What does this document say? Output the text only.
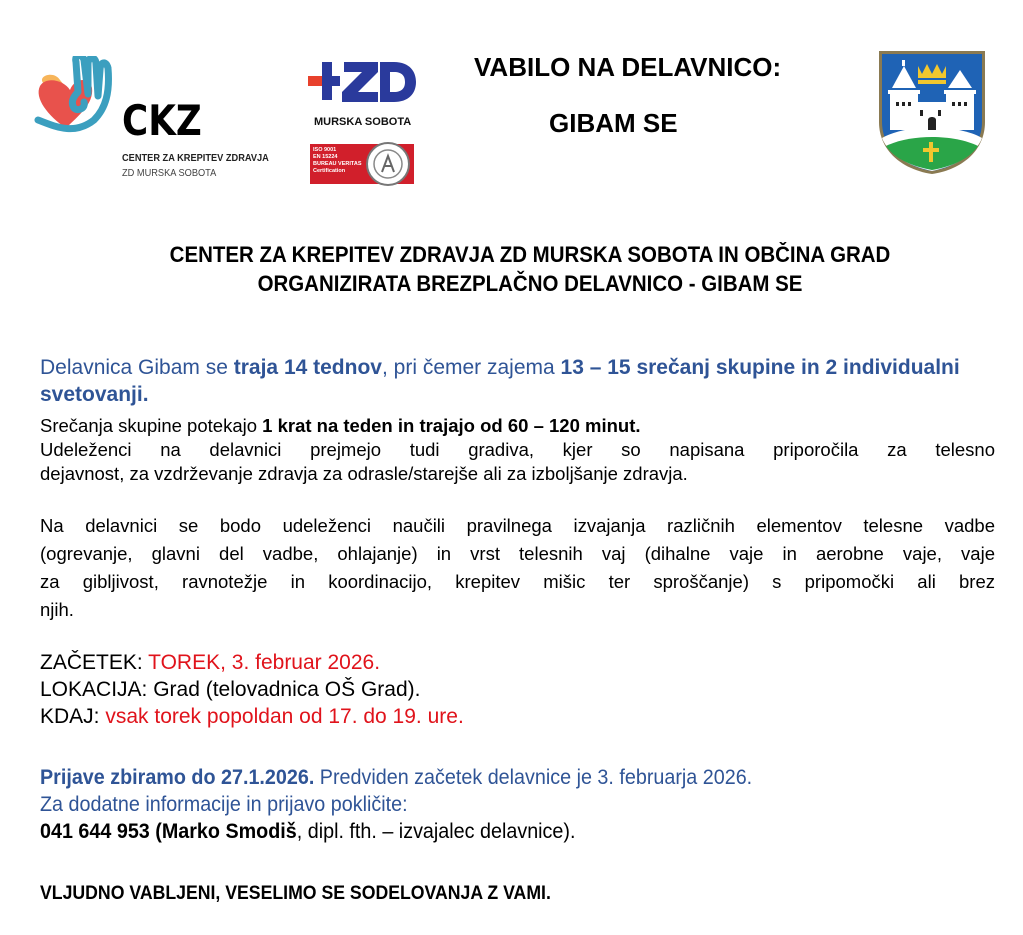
CKZ
CENTER ZA KREPITEV ZDRAVJA
ZD MURSKA SOBOTA
MURSKA SOBOTA
ISO 9001
EN 15224
BUREAU VERITAS
Certification
VABILO NA DELAVNICO:
GIBAM SE
CENTER ZA KREPITEV ZDRAVJA ZD MURSKA SOBOTA IN OBČINA GRAD
ORGANIZIRATA BREZPLAČNO DELAVNICO - GIBAM SE
Delavnica Gibam se traja 14 tednov, pri čemer zajema 13 – 15 srečanj skupine in 2 individualni svetovanji.
Srečanja skupine potekajo 1 krat na teden in trajajo od 60 – 120 minut.
Udeleženci na delavnici prejmejo tudi gradiva, kjer so napisana priporočila za telesno
dejavnost, za vzdrževanje zdravja za odrasle/starejše ali za izboljšanje zdravja.
Na delavnici se bodo udeleženci naučili pravilnega izvajanja različnih elementov telesne vadbe
(ogrevanje, glavni del vadbe, ohlajanje) in vrst telesnih vaj (dihalne vaje in aerobne vaje, vaje
za gibljivost, ravnotežje in koordinacijo, krepitev mišic ter sproščanje) s pripomočki ali brez
njih.
ZAČETEK: TOREK, 3. februar 2026.
LOKACIJA: Grad (telovadnica OŠ Grad).
KDAJ: vsak torek popoldan od 17. do 19. ure.
Prijave zbiramo do 27.1.2026. Predviden začetek delavnice je 3. februarja 2026.
Za dodatne informacije in prijavo pokličite:
041 644 953 (Marko Smodiš, dipl. fth. – izvajalec delavnice).
VLJUDNO VABLJENI, VESELIMO SE SODELOVANJA Z VAMI.
